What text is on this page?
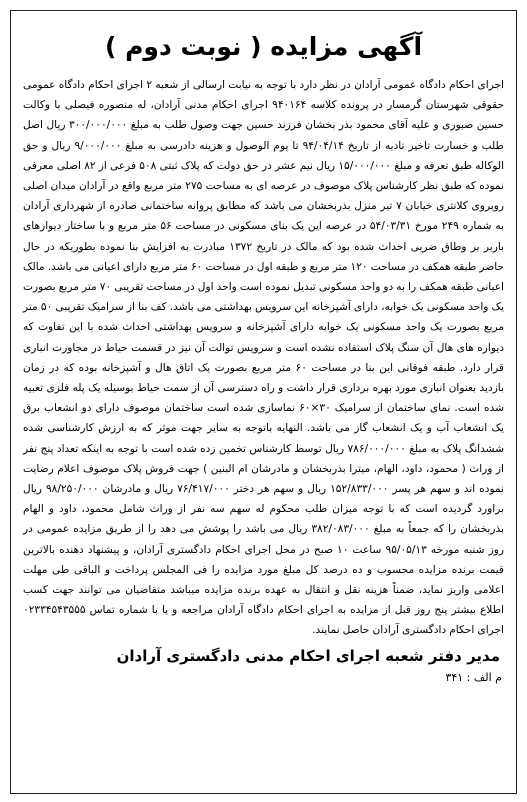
آگهی مزایده ( نوبت دوم )

اجرای احکام دادگاه عمومی آرادان در نظر دارد با توجه به نیابت ارسالی از شعبه ۲ اجرای احکام دادگاه عمومی حقوقی شهرستان گرمسار در پرونده کلاسه ۹۴۰۱۶۴ اجرای احکام مدنی آرادان، له منصوره فیصلی با وکالت حسین صبوری و علیه آقای محمود بذر بخشان فرزند حسین جهت وصول طلب به مبلغ ۳۰۰/۰۰۰/۰۰۰ ریال اصل طلب و خسارت تاخیر تادیه از تاریخ ۹۴/۰۴/۱۴ تا یوم الوصول و هزینه دادرسی به مبلغ ۹/۰۰۰/۰۰۰ ریال و حق الوکاله طبق تعرفه و مبلغ ۱۵/۰۰۰/۰۰۰ ریال نیم عشر در حق دولت که پلاک ثبتی ۵۰۸ فرعی از ۸۲ اصلی معرفی نموده که طبق نظر کارشناس پلاک موصوف در عرصه ای به مساحت ۲۷۵ متر مربع واقع در آرادان میدان اصلی روبروی کلانتری خیابان ۷ تیر منزل بذربخشان می باشد که مطابق پروانه ساختمانی صادره از شهرداری آرادان به شماره ۲۴۹ مورخ ۵۴/۰۳/۳۱ در عرصه این یک بنای مسکونی در مساحت ۵۶ متر مربع و با ساختار دیوارهای باربر بر وطاق ضربی احداث شده بود که مالک در تاریخ ۱۳۷۲ مبادرت به افزایش بنا نموده بطوریکه در حال حاضر طبقه همکف در مساحت ۱۲۰ متر مربع و طبقه اول در مساحت ۶۰ متر مربع دارای اعیانی می باشد. مالک اعیانی طبقه همکف را به دو واحد مسکونی تبدیل نموده است واحد اول در مساحت تقریبی ۷۰ متر مربع بصورت یک واحد مسکونی یک خوابه، دارای آشپزخانه این سرویس بهداشتی می باشد. کف بنا از سرامیک تقریبی ۵۰ متر مربع بصورت یک واحد مسکونی یک خوابه دارای آشپزخانه و سرویس بهداشتی احداث شده با این تفاوت که دیواره های هال آن سنگ پلاک استفاده نشده است و سرویس توالت آن نیز در قسمت حیاط در مجاورت انباری قرار دارد. طبقه فوقانی این بنا در مساحت ۶۰ متر مربع بصورت یک اتاق هال و آشپزخانه بوده که در زمان بازدید بعنوان انباری مورد بهره برداری قرار داشت و راه دسترسی آن از سمت حیاط بوسیله یک پله فلزی تعبیه شده است. نمای ساختمان از سرامیک ۳۰×۶۰ نماسازی شده است ساختمان موصوف دارای دو انشعاب برق یک انشعاب آب و یک انشعاب گاز می باشد. النهایه باتوجه به سایر جهت موثر که به ارزش کارشناسی شده ششدانگ پلاک به مبلغ ۷۸۶/۰۰۰/۰۰۰ ریال توسط کارشناس تخمین زده شده است با توجه به اینکه تعداد پنج نفر از وراث ( محمود، داود، الهام، میترا بذربخشان و مادرشان ام البنین ) جهت فروش پلاک موصوف اعلام رضایت نموده اند و سهم هر پسر ۱۵۲/۸۳۳/۰۰۰ ریال و سهم هر دختر ۷۶/۴۱۷/۰۰۰ ریال و مادرشان ۹۸/۲۵۰/۰۰۰ ریال براورد گردیده است که با توجه میزان طلب محکوم له سهم سه نفر از وراث شامل محمود، داود و الهام بذربخشان را که جمعاً به مبلغ ۳۸۲/۰۸۳/۰۰۰ ریال می باشد را پوشش می دهد را از طریق مزایده عمومی در روز شنبه مورخه ۹۵/۰۵/۱۳ ساعت ۱۰ صبح در محل اجرای احکام دادگستری آرادان، و پیشنهاد دهنده بالاترین قیمت برنده مزایده محسوب و ده درصد کل مبلغ مورد مزایده را فی المجلس پرداخت و الباقی طی مهلت اعلامی واریز نماید، ضمناً هزینه نقل و انتقال به عهده برنده مزایده میباشد متقاضیان می توانند جهت کسب اطلاع بیشتر پنج روز قبل از مزایده به اجرای احکام دادگاه آرادان مراجعه و یا با شماره تماس ۰۲۳۳۴۵۴۳۵۵۵ اجرای احکام دادگستری آرادان حاصل نمایند.

مدیر دفتر شعبه اجرای احکام مدنی دادگستری آرادان
م الف : ۳۴۱
